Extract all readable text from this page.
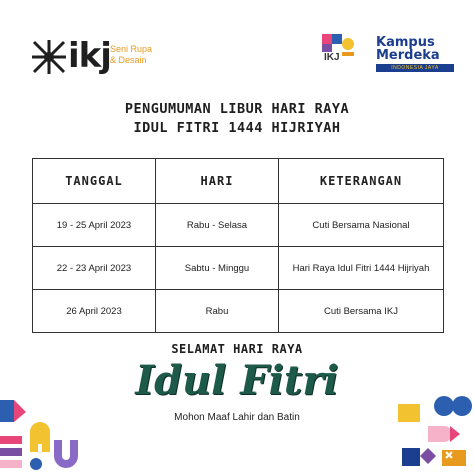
ikj Seni Rupa
& Desain	IKJ
Kampus
Merdeka
INDONESIA JAYA
PENGUMUMAN LIBUR HARI RAYA
IDUL FITRI 1444 HIJRIYAH
TANGGAL	HARI	KETERANGAN
19 - 25 April 2023	Rabu - Selasa	Cuti Bersama Nasional
22 - 23 April 2023	Sabtu - Minggu	Hari Raya Idul Fitri 1444 Hijriyah
26 April 2023	Rabu	Cuti Bersama IKJ
SELAMAT HARI RAYA
Idul Fitri
Mohon Maaf Lahir dan Batin
